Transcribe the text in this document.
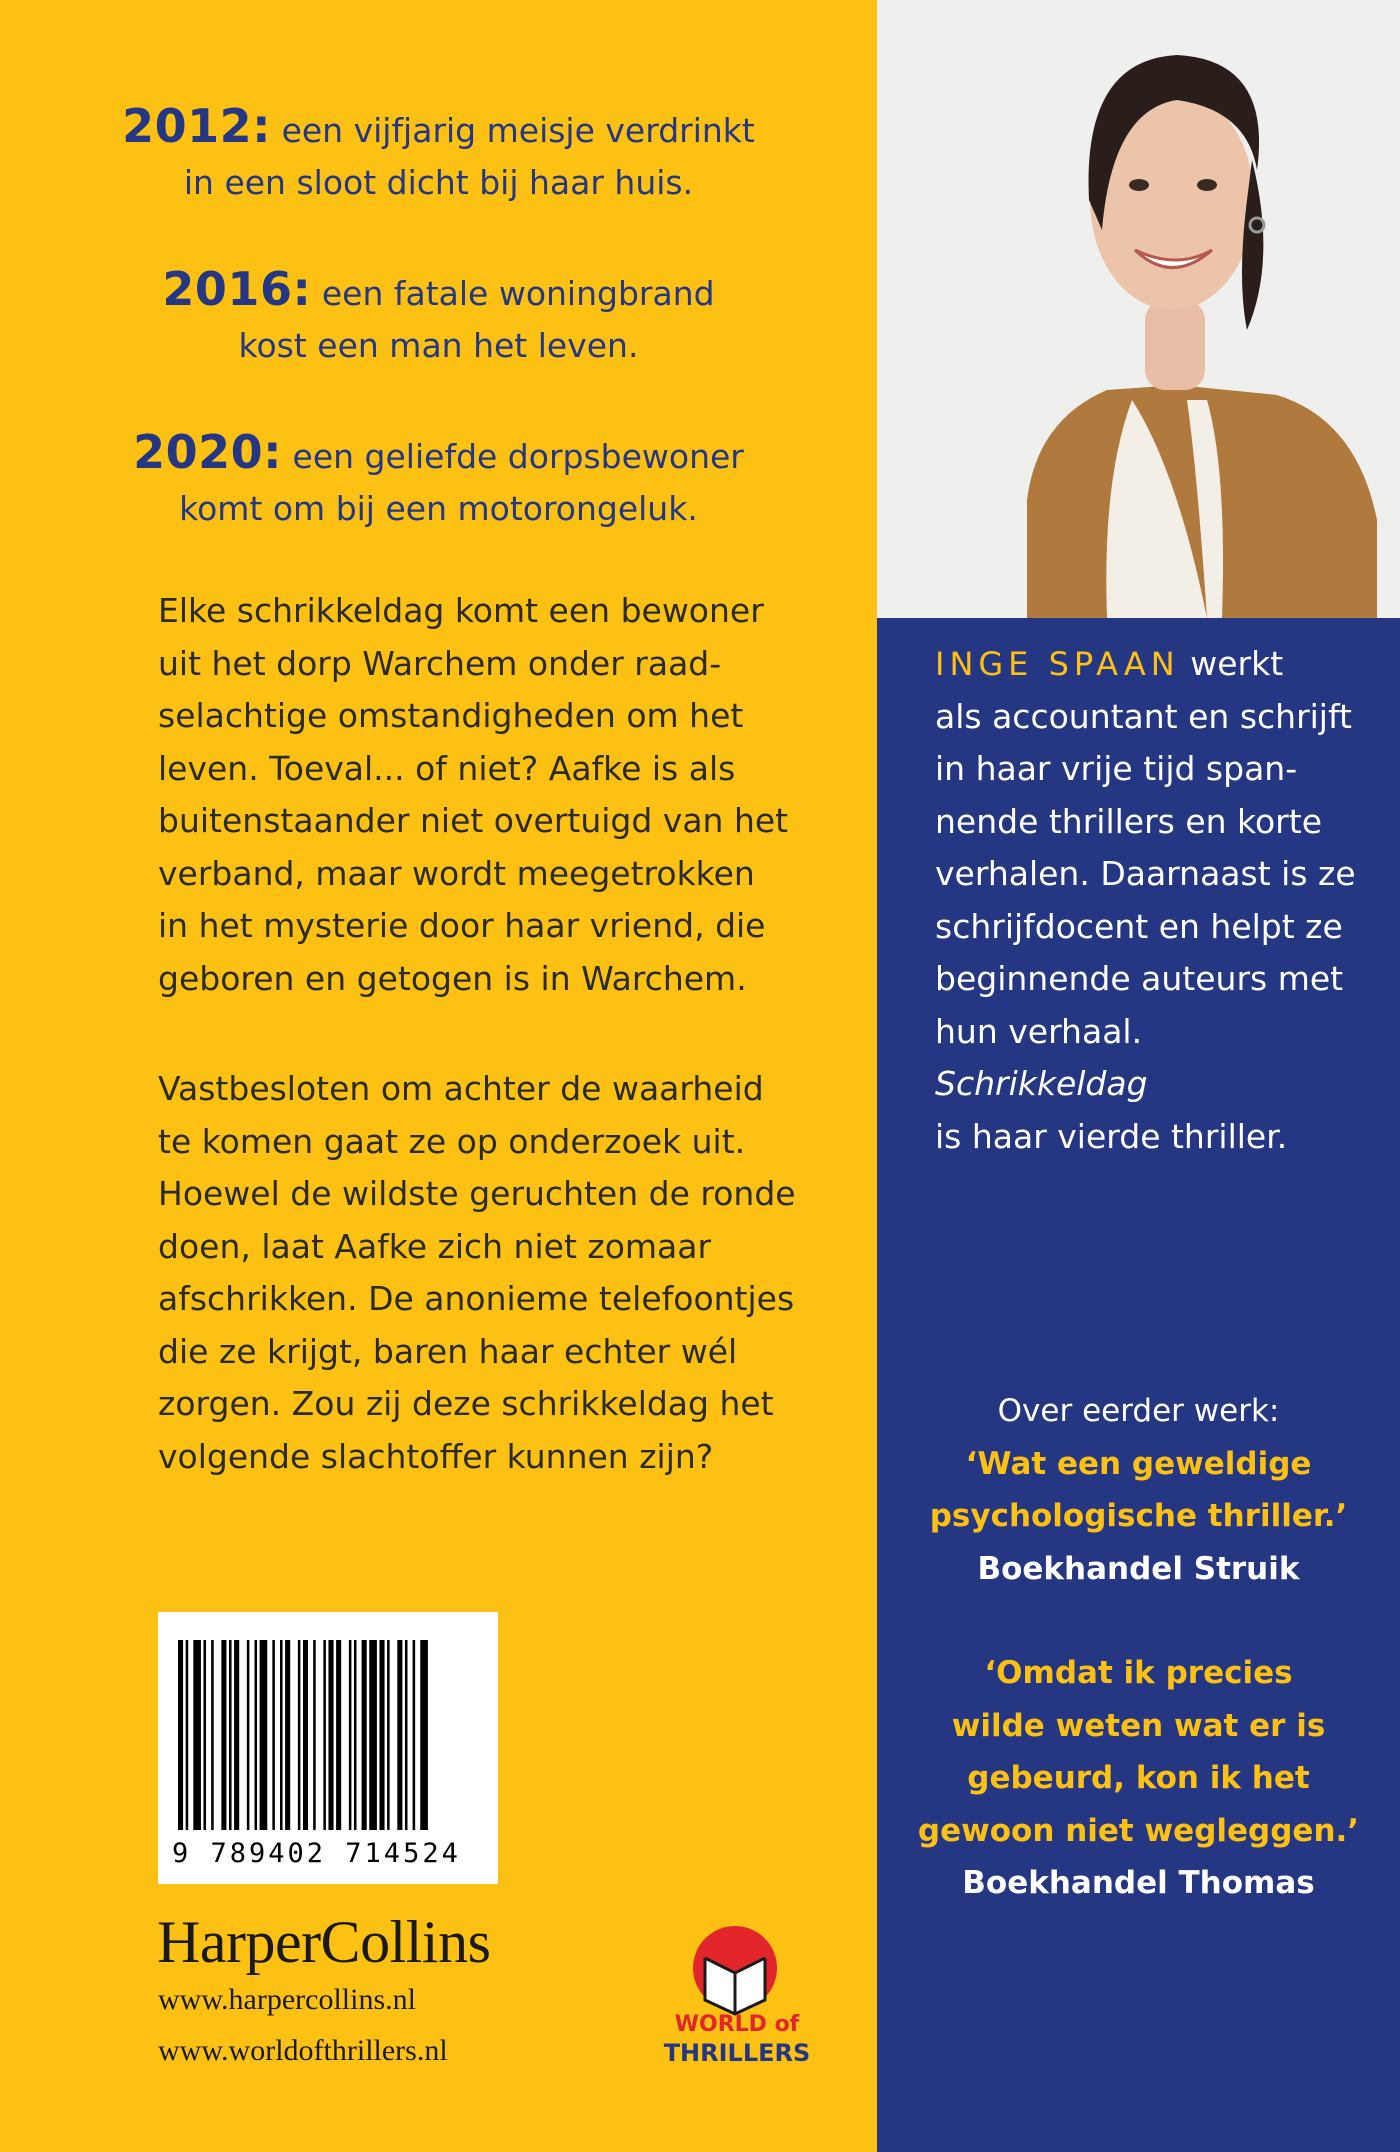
2012: een vijfjarig meisje verdrinkt
in een sloot dicht bij haar huis.
2016: een fatale woningbrand
kost een man het leven.
2020: een geliefde dorpsbewoner
komt om bij een motorongeluk.
Elke schrikkeldag komt een bewoner
uit het dorp Warchem onder raad-
selachtige omstandigheden om het
leven. Toeval... of niet? Aafke is als
buitenstaander niet overtuigd van het
verband, maar wordt meegetrokken
in het mysterie door haar vriend, die
geboren en getogen is in Warchem.
Vastbesloten om achter de waarheid
te komen gaat ze op onderzoek uit.
Hoewel de wildste geruchten de ronde
doen, laat Aafke zich niet zomaar
afschrikken. De anonieme telefoontjes
die ze krijgt, baren haar echter wél
zorgen. Zou zij deze schrikkeldag het
volgende slachtoffer kunnen zijn?
9 789402 714524
HarperCollins
www.harpercollins.nl
www.worldofthrillers.nl
WORLD of
THRILLERS
INGE SPAAN werkt
als accountant en schrijft
in haar vrije tijd span-
nende thrillers en korte
verhalen. Daarnaast is ze
schrijfdocent en helpt ze
beginnende auteurs met
hun verhaal. Schrikkeldag
is haar vierde thriller.

Over eerder werk:

‘Wat een geweldige

psychologische thriller.’

Boekhandel Struik

‘Omdat ik precies

wilde weten wat er is

gebeurd, kon ik het

gewoon niet wegleggen.’

Boekhandel Thomas
